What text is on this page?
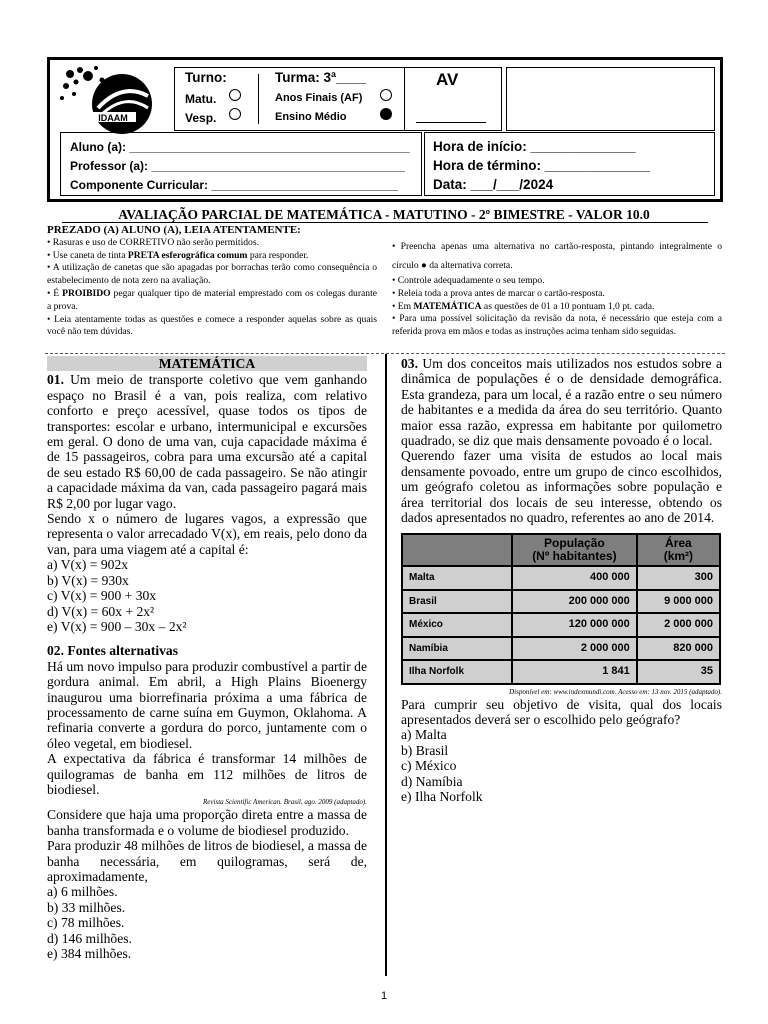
IDAAM
Turno:
Matu.
Vesp.
Turma: 3ª____
Anos Finais (AF)
Ensino Médio
AV
Aluno (a): __________________________________________
Professor (a): ______________________________________
Componente Curricular: ____________________________
Hora de início: ______________
Hora de término: ______________
Data: ___/___/2024
AVALIAÇÃO PARCIAL DE MATEMÁTICA - MATUTINO - 2º BIMESTRE - VALOR 10.0

PREZADO (A) ALUNO (A), LEIA ATENTAMENTE:

• Rasuras e uso de CORRETIVO não serão permitidos.

• Use caneta de tinta PRETA esferográfica comum para responder.

• A utilização de canetas que são apagadas por borrachas terão como consequência o estabelecimento de nota zero na avaliação.

• É PROIBIDO pegar qualquer tipo de material emprestado com os colegas durante a prova.

• Leia atentamente todas as questões e comece a responder aquelas sobre as quais você não tem dúvidas.

• Preencha apenas uma alternativa no cartão-resposta, pintando integralmente o círculo ● da alternativa correta.

• Controle adequadamente o seu tempo.

• Releia toda a prova antes de marcar o cartão-resposta.

• Em MATEMÁTICA as questões de 01 a 10 pontuam 1,0 pt. cada.

• Para uma possível solicitação da revisão da nota, é necessário que esteja com a referida prova em mãos e todas as instruções acima tenham sido seguidas.

MATEMÁTICA

01. Um meio de transporte coletivo que vem ganhando espaço no Brasil é a van, pois realiza, com relativo conforto e preço acessível, quase todos os tipos de transportes: escolar e urbano, intermunicipal e excursões em geral. O dono de uma van, cuja capacidade máxima é de 15 passageiros, cobra para uma excursão até a capital de seu estado R$ 60,00 de cada passageiro. Se não atingir a capacidade máxima da van, cada passageiro pagará mais R$ 2,00 por lugar vago.

Sendo x o número de lugares vagos, a expressão que representa o valor arrecadado V(x), em reais, pelo dono da van, para uma viagem até a capital é:

a) V(x) = 902x

b) V(x) = 930x

c) V(x) = 900 + 30x

d) V(x) = 60x + 2x²

e) V(x) = 900 – 30x – 2x²

02. Fontes alternativas

Há um novo impulso para produzir combustível a partir de gordura animal. Em abril, a High Plains Bioenergy inaugurou uma biorrefinaria próxima a uma fábrica de processamento de carne suína em Guymon, Oklahoma. A refinaria converte a gordura do porco, juntamente com o óleo vegetal, em biodiesel.

A expectativa da fábrica é transformar 14 milhões de quilogramas de banha em 112 milhões de litros de biodiesel.

Revista Scientific American. Brasil, ago. 2009 (adaptado).

Considere que haja uma proporção direta entre a massa de banha transformada e o volume de biodiesel produzido.

Para produzir 48 milhões de litros de biodiesel, a massa de banha necessária, em quilogramas, será de, aproximadamente,

a) 6 milhões.

b) 33 milhões.

c) 78 milhões.

d) 146 milhões.

e) 384 milhões.

03. Um dos conceitos mais utilizados nos estudos sobre a dinâmica de populações é o de densidade demográfica. Esta grandeza, para um local, é a razão entre o seu número de habitantes e a medida da área do seu território. Quanto maior essa razão, expressa em habitante por quilometro quadrado, se diz que mais densamente povoado é o local.

Querendo fazer uma visita de estudos ao local mais densamente povoado, entre um grupo de cinco escolhidos, um geógrafo coletou as informações sobre população e área territorial dos locais de seu interesse, obtendo os dados apresentados no quadro, referentes ao ano de 2014.

	População
(Nº habitantes)	Área
(km²)
Malta	400 000	300
Brasil	200 000 000	9 000 000
México	120 000 000	2 000 000
Namíbia	2 000 000	820 000
Ilha Norfolk	1 841	35

Disponível em: www.indexmundi.com. Acesso em: 13 nov. 2015 (adaptado).

Para cumprir seu objetivo de visita, qual dos locais apresentados deverá ser o escolhido pelo geógrafo?

a) Malta

b) Brasil

c) México

d) Namíbia

e) Ilha Norfolk

1
